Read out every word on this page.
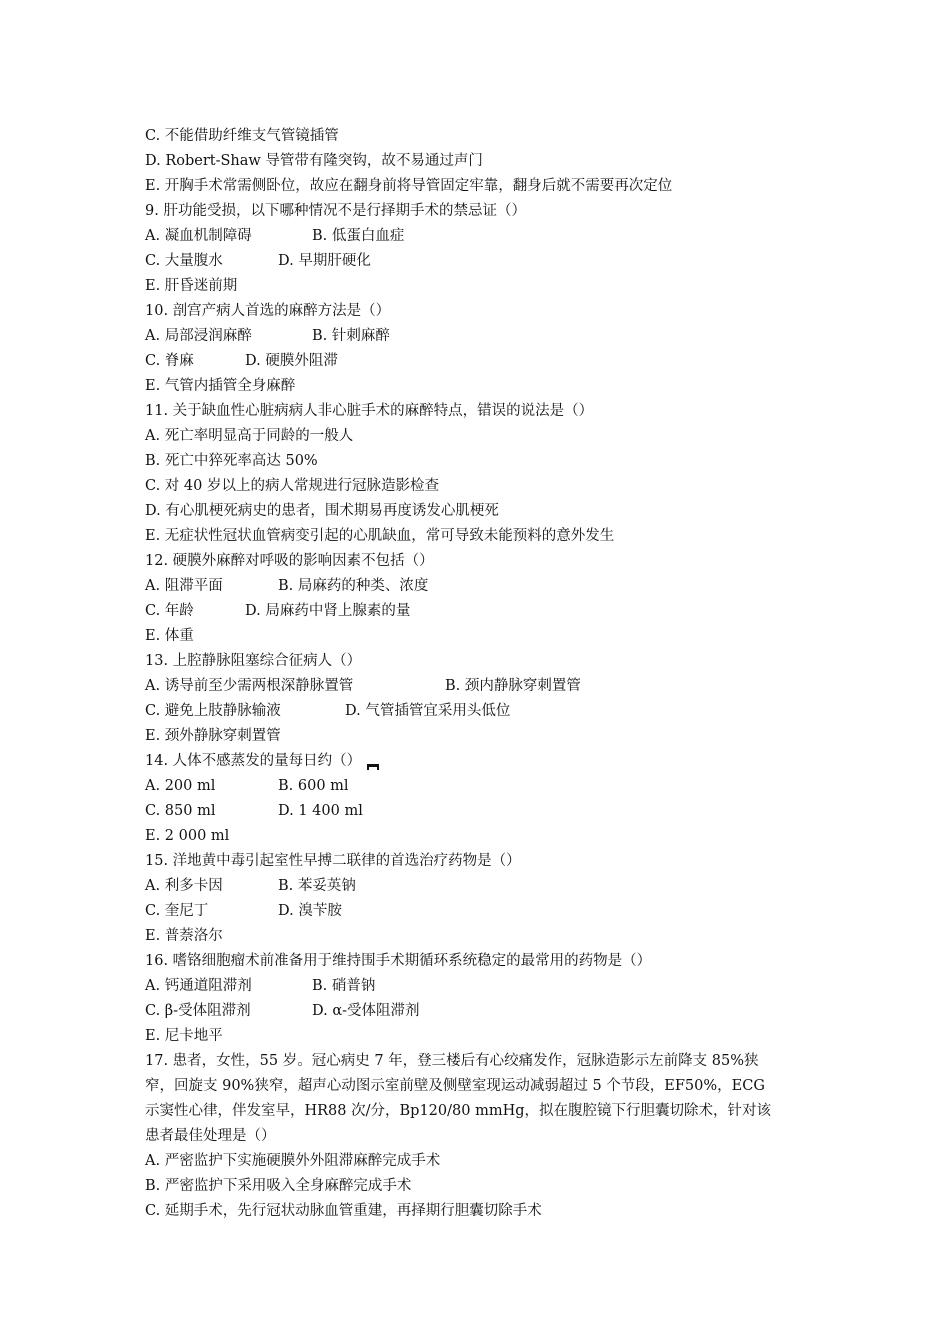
C. 不能借助纤维支气管镜插管
D. Robert-Shaw 导管带有隆突钩，故不易通过声门
E. 开胸手术常需侧卧位，故应在翻身前将导管固定牢靠，翻身后就不需要再次定位
9. 肝功能受损，以下哪种情况不是行择期手术的禁忌证（）
A. 凝血机制障碍	B. 低蛋白血症
C. 大量腹水	D. 早期肝硬化
E. 肝昏迷前期
10. 剖宫产病人首选的麻醉方法是（）
A. 局部浸润麻醉	B. 针刺麻醉
C. 脊麻	D. 硬膜外阻滞
E. 气管内插管全身麻醉
11. 关于缺血性心脏病病人非心脏手术的麻醉特点，错误的说法是（）
A. 死亡率明显高于同龄的一般人
B. 死亡中猝死率高达 50%
C. 对 40 岁以上的病人常规进行冠脉造影检查
D. 有心肌梗死病史的患者，围术期易再度诱发心肌梗死
E. 无症状性冠状血管病变引起的心肌缺血，常可导致未能预料的意外发生
12. 硬膜外麻醉对呼吸的影响因素不包括（）
A. 阻滞平面	B. 局麻药的种类、浓度
C. 年龄	D. 局麻药中肾上腺素的量
E. 体重
13. 上腔静脉阻塞综合征病人（）
A. 诱导前至少需两根深静脉置管	B. 颈内静脉穿刺置管
C. 避免上肢静脉输液	D. 气管插管宜采用头低位
E. 颈外静脉穿刺置管
14. 人体不感蒸发的量每日约（）
A. 200 ml	B. 600 ml
C. 850 ml	D. 1 400 ml
E. 2 000 ml
15. 洋地黄中毒引起室性早搏二联律的首选治疗药物是（）
A. 利多卡因	B. 苯妥英钠
C. 奎尼丁	D. 溴苄胺
E. 普萘洛尔
16. 嗜铬细胞瘤术前准备用于维持围手术期循环系统稳定的最常用的药物是（）
A. 钙通道阻滞剂	B. 硝普钠
C. β-受体阻滞剂	D. α-受体阻滞剂
E. 尼卡地平
17. 患者，女性，55 岁。冠心病史 7 年，登三楼后有心绞痛发作，冠脉造影示左前降支 85%狭
窄，回旋支 90%狭窄，超声心动图示室前壁及侧壁室现运动减弱超过 5 个节段，EF50%，ECG
示窦性心律，伴发室早，HR88 次/分，Bp120/80 mmHg，拟在腹腔镜下行胆囊切除术，针对该
患者最佳处理是（）
A. 严密监护下实施硬膜外外阻滞麻醉完成手术
B. 严密监护下采用吸入全身麻醉完成手术
C. 延期手术，先行冠状动脉血管重建，再择期行胆囊切除手术
